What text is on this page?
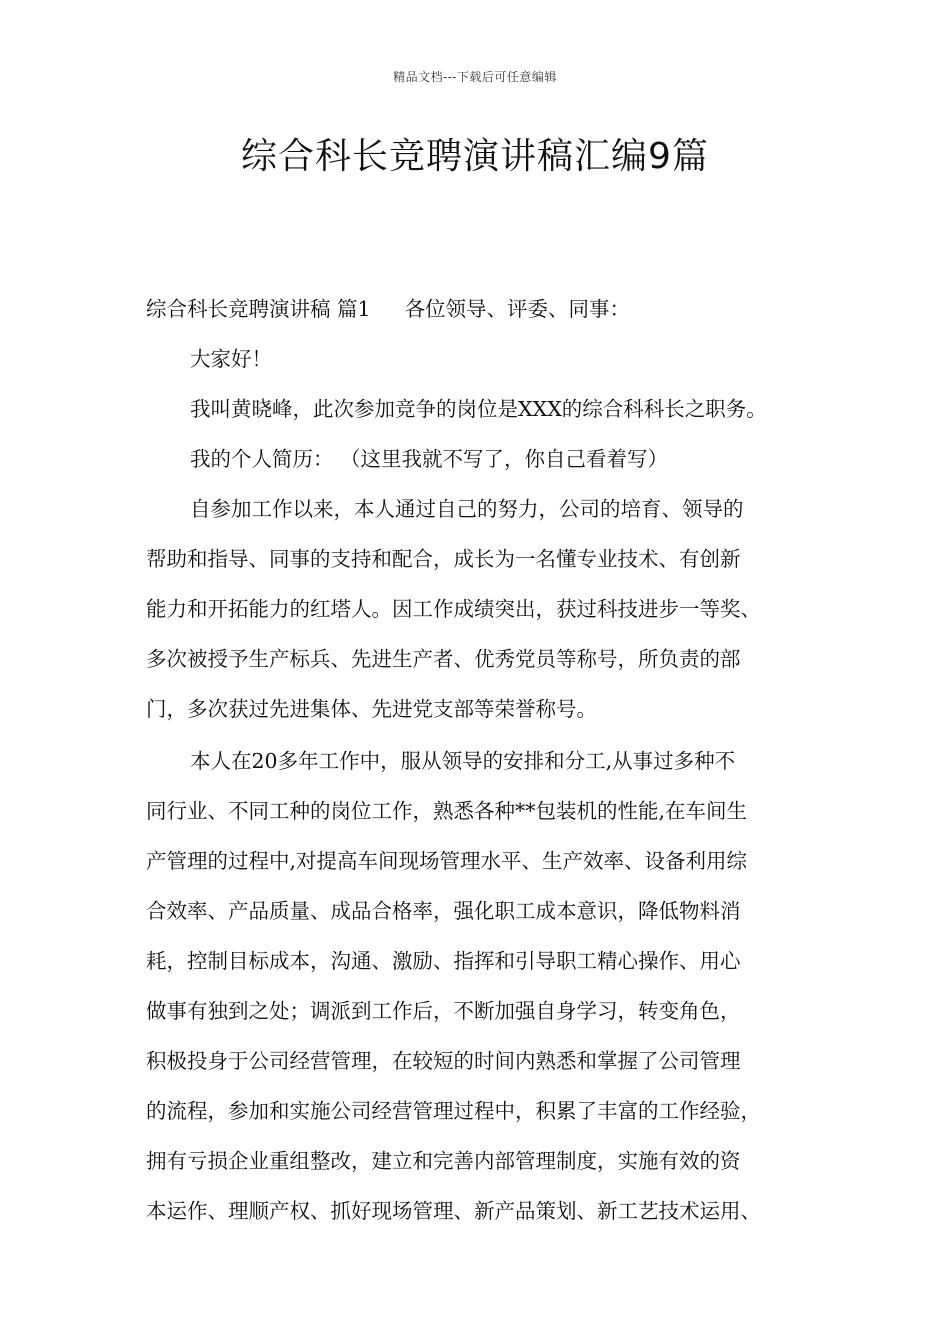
精品文档---下载后可任意编辑
综合科长竞聘演讲稿汇编9篇
综合科长竞聘演讲稿 篇1 各位领导、评委、同事：
大家好！
我叫黄晓峰，此次参加竞争的岗位是XXX的综合科科长之职务。
我的个人简历： （这里我就不写了，你自己看着写）
自参加工作以来，本人通过自己的努力，公司的培育、领导的
帮助和指导、同事的支持和配合，成长为一名懂专业技术、有创新
能力和开拓能力的红塔人。因工作成绩突出，获过科技进步一等奖、
多次被授予生产标兵、先进生产者、优秀党员等称号，所负责的部
门，多次获过先进集体、先进党支部等荣誉称号。
本人在20多年工作中，服从领导的安排和分工,从事过多种不
同行业、不同工种的岗位工作，熟悉各种**包装机的性能,在车间生
产管理的过程中,对提高车间现场管理水平、生产效率、设备利用综
合效率、产品质量、成品合格率，强化职工成本意识，降低物料消
耗，控制目标成本，沟通、激励、指挥和引导职工精心操作、用心
做事有独到之处；调派到工作后，不断加强自身学习，转变角色，
积极投身于公司经营管理，在较短的时间内熟悉和掌握了公司管理
的流程，参加和实施公司经营管理过程中，积累了丰富的工作经验，
拥有亏损企业重组整改，建立和完善内部管理制度，实施有效的资
本运作、理顺产权、抓好现场管理、新产品策划、新工艺技术运用、
